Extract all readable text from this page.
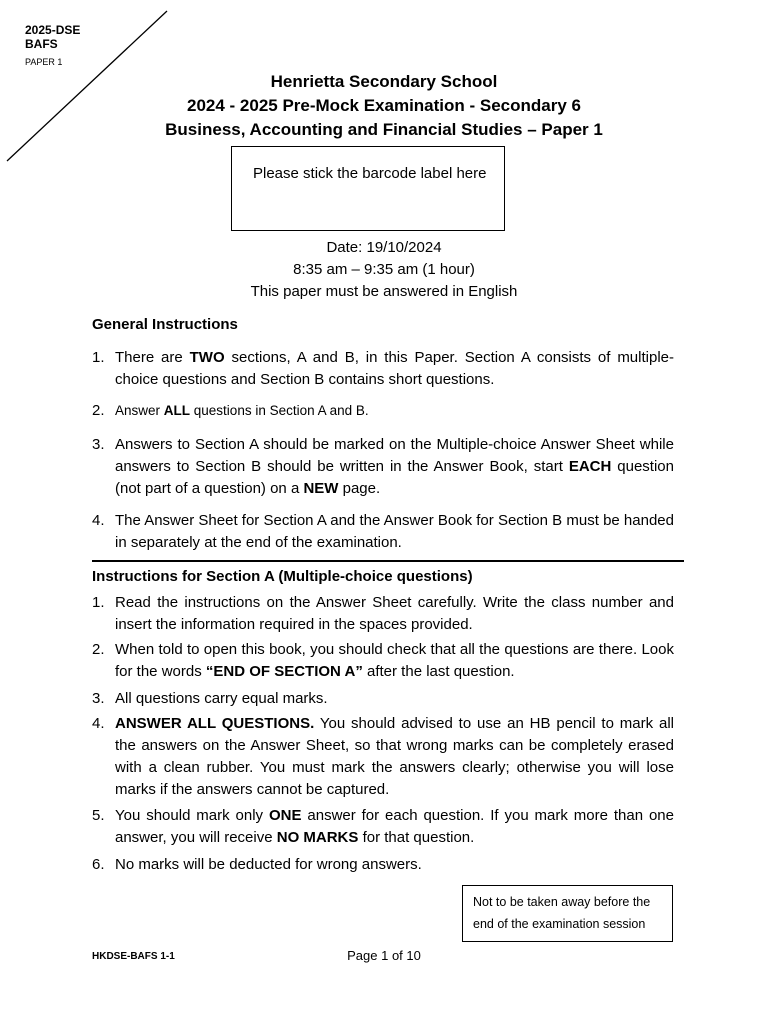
2025-DSE
BAFS
PAPER 1
Henrietta Secondary School
2024 - 2025 Pre-Mock Examination - Secondary 6
Business, Accounting and Financial Studies – Paper 1
Please stick the barcode label here
Date: 19/10/2024
8:35 am – 9:35 am (1 hour)
This paper must be answered in English
General Instructions
1. There are TWO sections, A and B, in this Paper. Section A consists of multiple-choice questions and Section B contains short questions.
2. Answer ALL questions in Section A and B.
3. Answers to Section A should be marked on the Multiple-choice Answer Sheet while answers to Section B should be written in the Answer Book, start EACH question (not part of a question) on a NEW page.
4. The Answer Sheet for Section A and the Answer Book for Section B must be handed in separately at the end of the examination.
Instructions for Section A (Multiple-choice questions)
1. Read the instructions on the Answer Sheet carefully. Write the class number and insert the information required in the spaces provided.
2. When told to open this book, you should check that all the questions are there. Look for the words “END OF SECTION A” after the last question.
3. All questions carry equal marks.
4. ANSWER ALL QUESTIONS. You should advised to use an HB pencil to mark all the answers on the Answer Sheet, so that wrong marks can be completely erased with a clean rubber. You must mark the answers clearly; otherwise you will lose marks if the answers cannot be captured.
5. You should mark only ONE answer for each question. If you mark more than one answer, you will receive NO MARKS for that question.
6. No marks will be deducted for wrong answers.
Not to be taken away before the
end of the examination session
HKDSE-BAFS 1-1	Page 1 of 10
